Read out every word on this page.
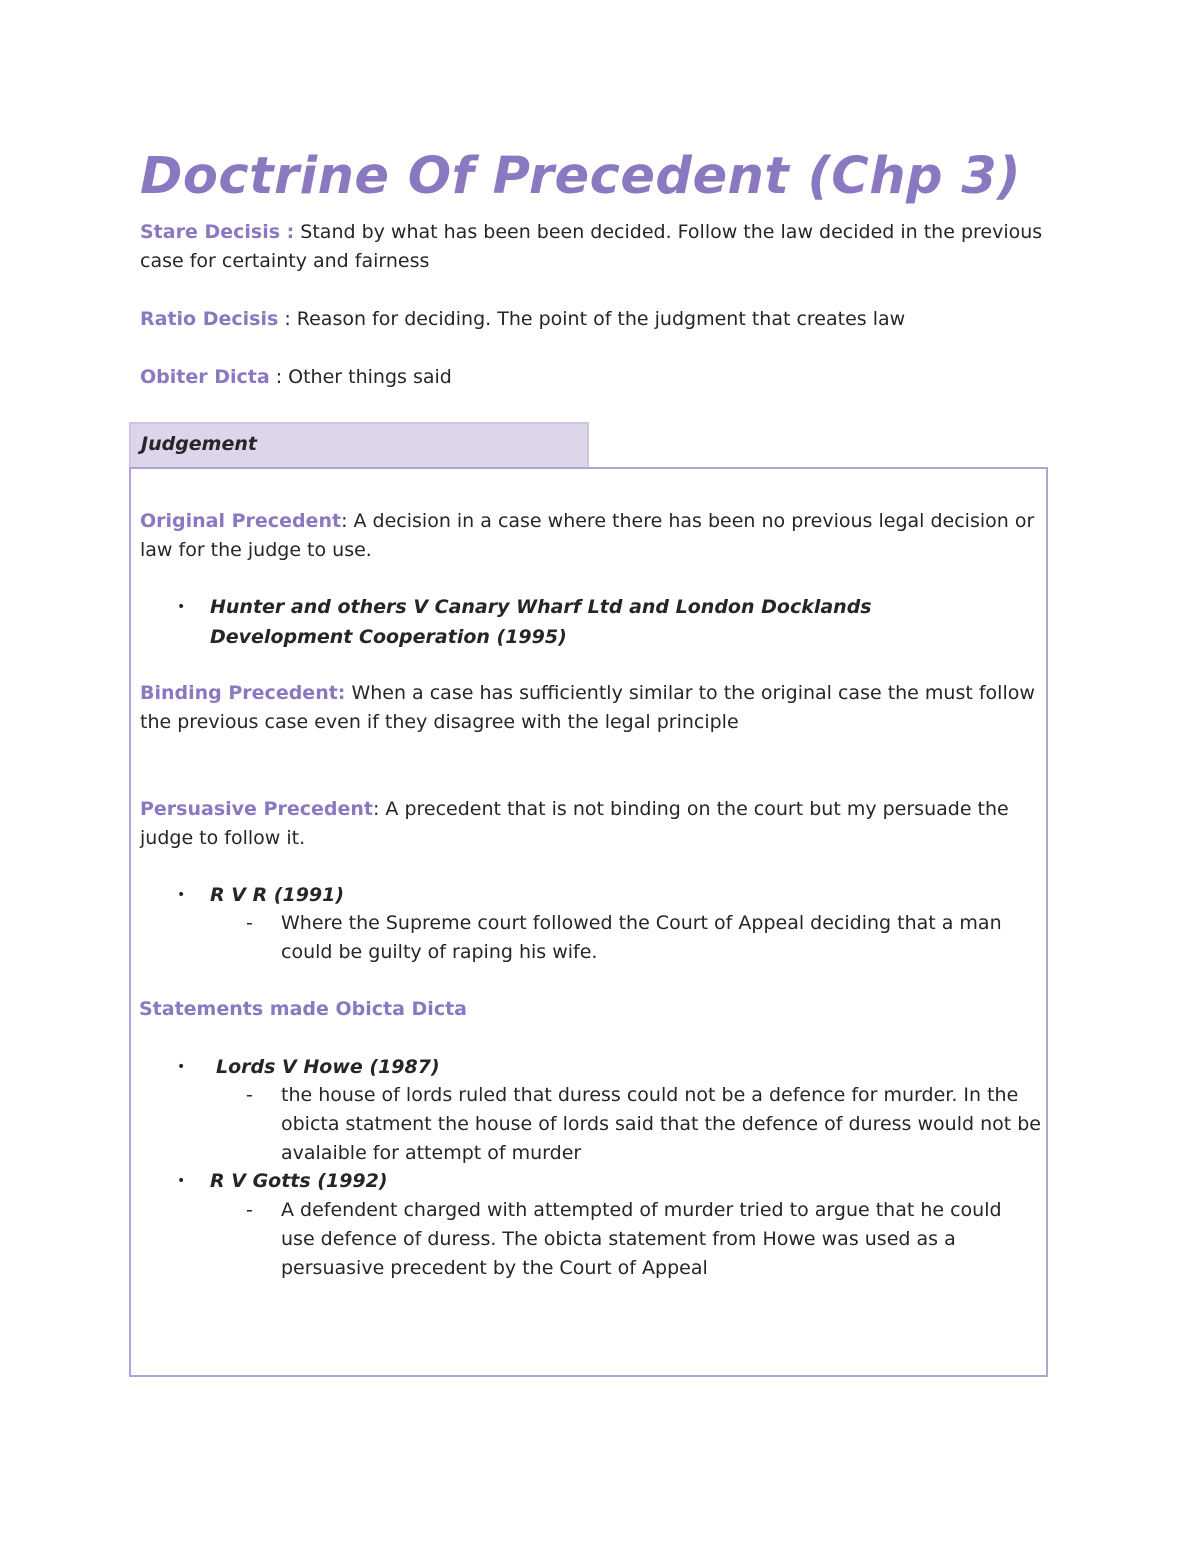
Doctrine Of Precedent (Chp 3)

Stare Decisis : Stand by what has been been decided. Follow the law decided in the previous case for certainty and fairness

Ratio Decisis : Reason for deciding. The point of the judgment that creates law

Obiter Dicta : Other things said

Judgement

Original Precedent: A decision in a case where there has been no previous legal decision or law for the judge to use.

• Hunter and others V Canary Wharf Ltd and London Docklands Development Cooperation (1995)

Binding Precedent: When a case has sufficiently similar to the original case the must follow the previous case even if they disagree with the legal principle

Persuasive Precedent: A precedent that is not binding on the court but my persuade the judge to follow it.

• R V R (1991)

- Where the Supreme court followed the Court of Appeal deciding that a man could be guilty of raping his wife.

Statements made Obicta Dicta

• Lords V Howe (1987)

- the house of lords ruled that duress could not be a defence for murder. In the obicta statment the house of lords said that the defence of duress would not be avalaible for attempt of murder

• R V Gotts (1992)

- A defendent charged with attempted of murder tried to argue that he could use defence of duress. The obicta statement from Howe was used as a persuasive precedent by the Court of Appeal
